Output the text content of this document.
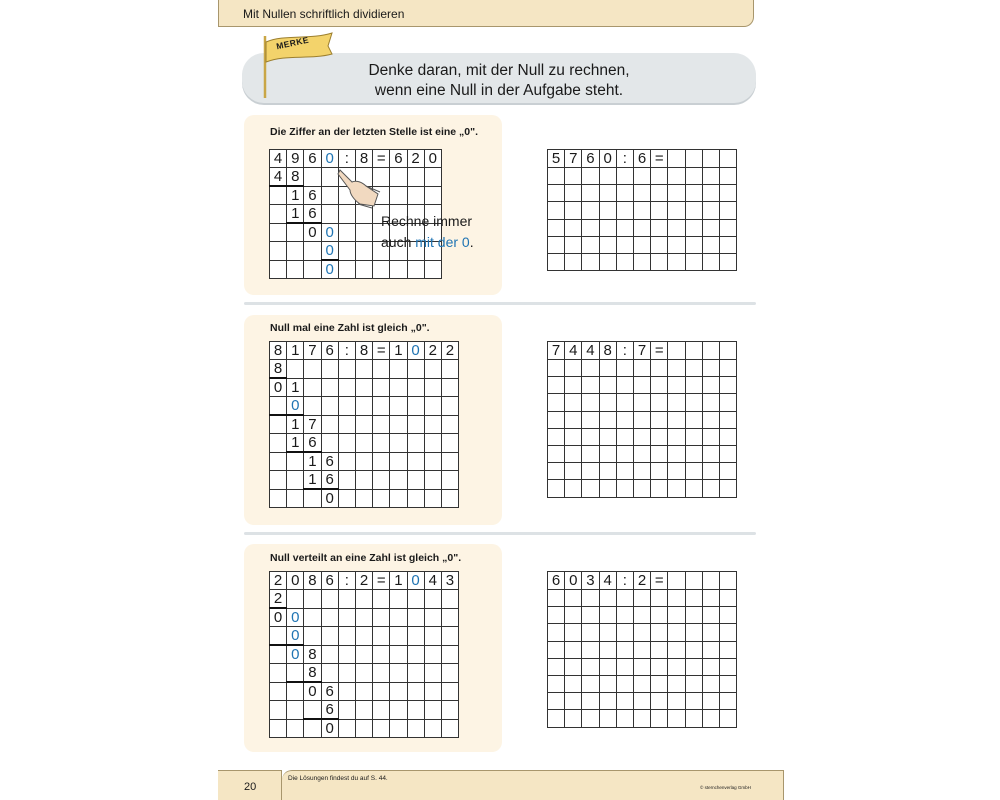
Mit Nullen schriftlich dividieren
MERKE
Denke daran, mit der Null zu rechnen,
wenn eine Null in der Aufgabe steht.
Die Ziffer an der letzten Stelle ist eine „0".
Null mal eine Zahl ist gleich „0".
Null verteilt an eine Zahl ist gleich „0".
4	9	6	0	:	8	=	6	2	0
4	8								
	1	6							
	1	6							
		0	0						
			0						
			0						
5	7	6	0	:	6	=				

8	1	7	6	:	8	=	1	0	2	2
8										
0	1									
	0									
	1	7								
	1	6								
		1	6							
		1	6							
			0							
7	4	4	8	:	7	=				

2	0	8	6	:	2	=	1	0	4	3
2										
0	0									
	0									
	0	8								
		8								
		0	6							
			6							
			0							
6	0	3	4	:	2	=				

Rechne immer
auch mit der 0.
20
Die Lösungen findest du auf S. 44.
© sternchenverlag GmbH
